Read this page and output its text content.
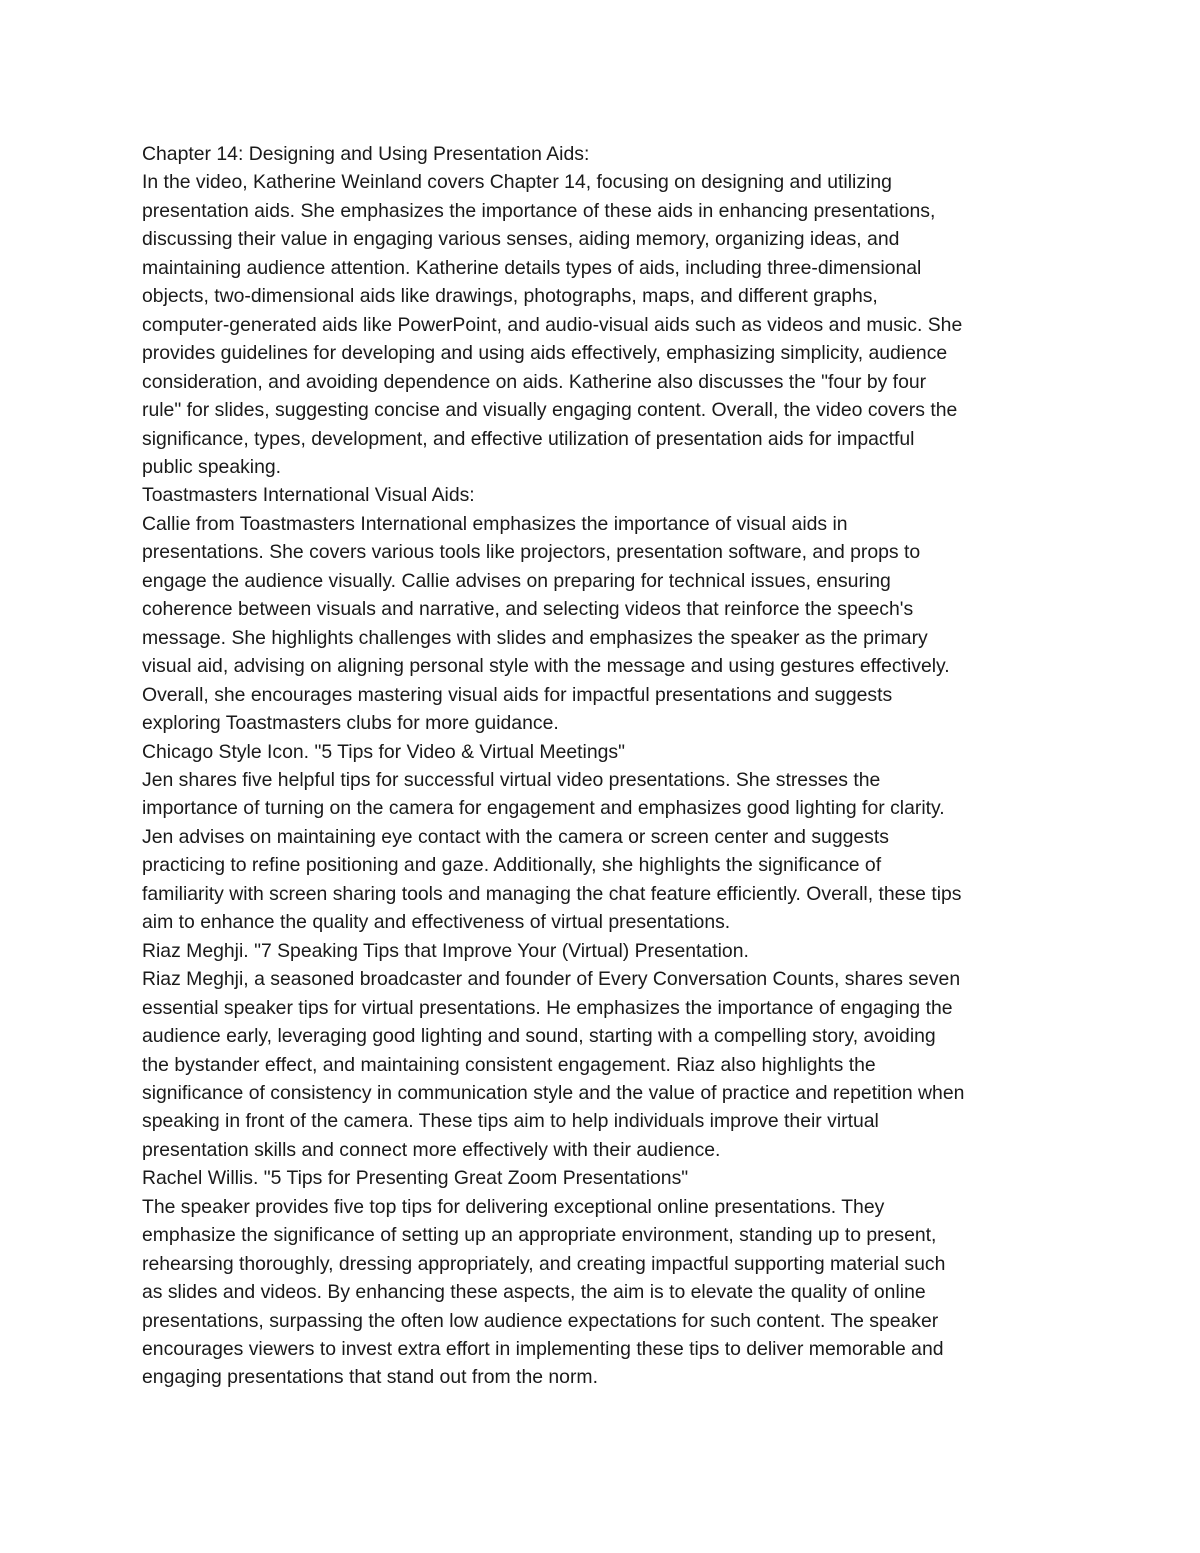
Chapter 14: Designing and Using Presentation Aids:
In the video, Katherine Weinland covers Chapter 14, focusing on designing and utilizing
presentation aids. She emphasizes the importance of these aids in enhancing presentations,
discussing their value in engaging various senses, aiding memory, organizing ideas, and
maintaining audience attention. Katherine details types of aids, including three-dimensional
objects, two-dimensional aids like drawings, photographs, maps, and different graphs,
computer-generated aids like PowerPoint, and audio-visual aids such as videos and music. She
provides guidelines for developing and using aids effectively, emphasizing simplicity, audience
consideration, and avoiding dependence on aids. Katherine also discusses the "four by four
rule" for slides, suggesting concise and visually engaging content. Overall, the video covers the
significance, types, development, and effective utilization of presentation aids for impactful
public speaking.
Toastmasters International Visual Aids:
Callie from Toastmasters International emphasizes the importance of visual aids in
presentations. She covers various tools like projectors, presentation software, and props to
engage the audience visually. Callie advises on preparing for technical issues, ensuring
coherence between visuals and narrative, and selecting videos that reinforce the speech's
message. She highlights challenges with slides and emphasizes the speaker as the primary
visual aid, advising on aligning personal style with the message and using gestures effectively.
Overall, she encourages mastering visual aids for impactful presentations and suggests
exploring Toastmasters clubs for more guidance.
Chicago Style Icon. "5 Tips for Video & Virtual Meetings"
Jen shares five helpful tips for successful virtual video presentations. She stresses the
importance of turning on the camera for engagement and emphasizes good lighting for clarity.
Jen advises on maintaining eye contact with the camera or screen center and suggests
practicing to refine positioning and gaze. Additionally, she highlights the significance of
familiarity with screen sharing tools and managing the chat feature efficiently. Overall, these tips
aim to enhance the quality and effectiveness of virtual presentations.
Riaz Meghji. "7 Speaking Tips that Improve Your (Virtual) Presentation.
Riaz Meghji, a seasoned broadcaster and founder of Every Conversation Counts, shares seven
essential speaker tips for virtual presentations. He emphasizes the importance of engaging the
audience early, leveraging good lighting and sound, starting with a compelling story, avoiding
the bystander effect, and maintaining consistent engagement. Riaz also highlights the
significance of consistency in communication style and the value of practice and repetition when
speaking in front of the camera. These tips aim to help individuals improve their virtual
presentation skills and connect more effectively with their audience.
Rachel Willis. "5 Tips for Presenting Great Zoom Presentations"
The speaker provides five top tips for delivering exceptional online presentations. They
emphasize the significance of setting up an appropriate environment, standing up to present,
rehearsing thoroughly, dressing appropriately, and creating impactful supporting material such
as slides and videos. By enhancing these aspects, the aim is to elevate the quality of online
presentations, surpassing the often low audience expectations for such content. The speaker
encourages viewers to invest extra effort in implementing these tips to deliver memorable and
engaging presentations that stand out from the norm.
